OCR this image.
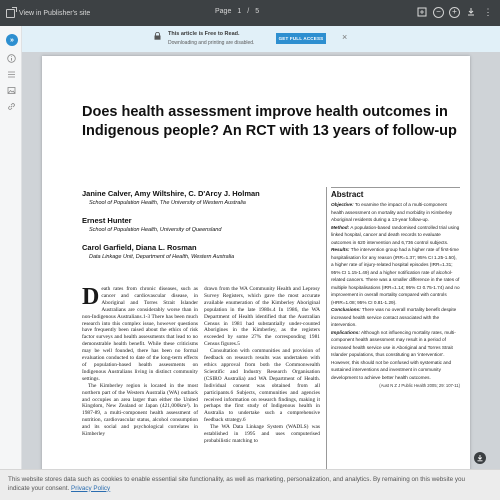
View in Publisher's site	Page 1 / 5	−	+	⋮
This article is Free to Read.
Downloading and printing are disabled.
GET FULL ACCESS ×
»
Does health assessment improve health outcomes in Indigenous people? An RCT with 13 years of follow-up
Janine Calver, Amy Wiltshire, C. D'Arcy J. Holman
School of Population Health, The University of Western Australia
Ernest Hunter
School of Population Health, University of Queensland
Carol Garfield, Diana L. Rosman
Data Linkage Unit, Department of Health, Western Australia
Abstract

Objective: To examine the impact of a multi-component health assessment on mortality and morbidity in Kimberley Aboriginal residents during a 13-year follow-up.

Method: A population-based randomised controlled trial using linked hospital, cancer and death records to evaluate outcomes in 620 intervention and 6,736 control subjects.

Results: The intervention group had a higher rate of first-time hospitalisation for any reason (IRR=1.37; 95% CI 1.25-1.50), a higher rate of injury-related hospital episodes (IRR=1.31; 95% CI 1.15-1.49) and a higher notification rate of alcohol-related cancers. There was a smaller difference in the rates of multiple hospitalisations (IRR=1.14; 95% CI 0.75-1.74) and no improvement in overall mortality compared with controls (HRR=1.08; 95% CI 0.81-1.29).

Conclusions: There was no overall mortality benefit despite increased health service contact associated with the intervention.

Implications: Although not influencing mortality rates, multi-component health assessment may result in a period of increased health service use in Aboriginal and Torres Strait Islander populations, thus constituting an 'intervention'. However, this should not be confused with systematic and sustained interventions and investment in community development to achieve better health outcomes.

(Aust N Z J Public Health 2005; 29: 107-11)

Death rates from chronic diseases, such as cancer and cardiovascular disease, in Aboriginal and Torres Strait Islander Australians are considerably worse than in non-Indigenous Australians.1-3 There has been much research into this complex issue, however questions have frequently been raised about the ethics of risk factor surveys and health assessments that lead to no demonstrable health benefit. While these criticisms may be well founded, there has been no formal evaluation conducted to date of the long-term effects of population-based health assessments on Indigenous Australians living in distinct community settings.

The Kimberley region is located in the most northern part of the Western Australia (WA) outback and occupies an area larger than either the United Kingdom, New Zealand or Japan (421,000km²). In 1987-89, a multi-component health assessment of nutrition, cardiovascular status, alcohol consumption and its social and psychological correlates in Kimberley

drawn from the WA Community Health and Leprosy Survey Registers, which gave the most accurate available enumeration of the Kimberley Aboriginal population in the late 1980s.4 In 1986, the WA Department of Health identified that the Australian Census in 1981 had substantially under-counted Aborigines in the Kimberley, as the registers exceeded by some 27% the corresponding 1981 Census figures.5

Consultation with communities and provision of feedback on research results was undertaken with ethics approval from both the Commonwealth Scientific and Industry Research Organisation (CSIRO Australia) and WA Department of Health. Individual consent was obtained from all participants.6 Subjects, communities and agencies received information on research findings, making it perhaps the first study of Indigenous health in Australia to undertake such a comprehensive feedback strategy.6

The WA Data Linkage System (WADLS) was established in 1995 and uses computerised probabilistic matching to

This website stores data such as cookies to enable essential site functionality, as well as marketing, personalization, and analytics. By remaining on this website you indicate your consent. Privacy Policy
